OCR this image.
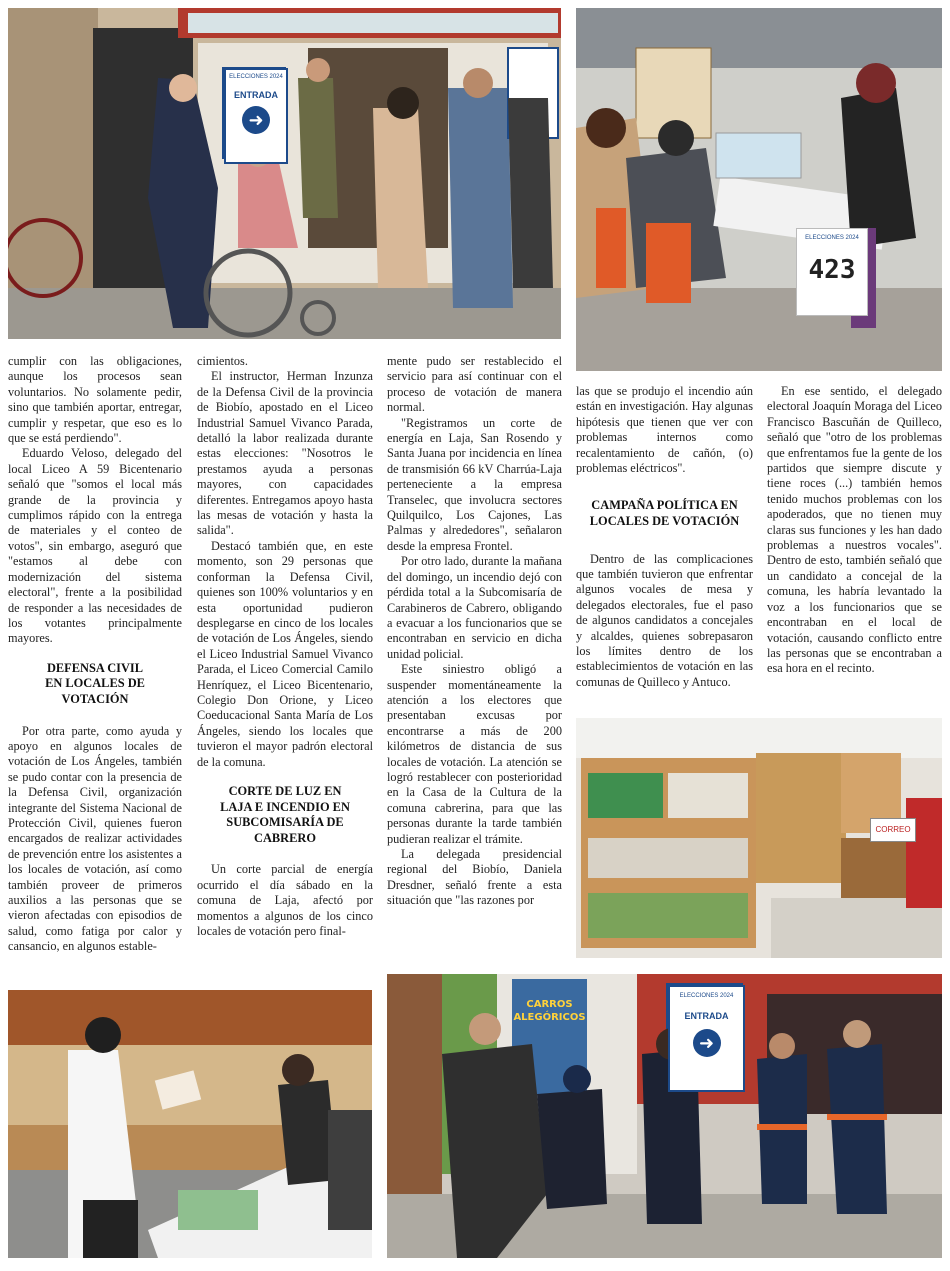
ELECCIONES 2024
ENTRADA
➜
ELECCIONES 2024
423
CORREO
CARROS ALEGÓRICOS
ELECCIONES 2024
ENTRADA
➜

cumplir con las obligaciones, aunque los procesos sean voluntarios. No solamente pedir, sino que también aportar, entregar, cumplir y respetar, que eso es lo que se está perdiendo".

Eduardo Veloso, delegado del local Liceo A 59 Bicentenario señaló que "somos el local más grande de la provincia y cumplimos rápido con la entrega de materiales y el conteo de votos", sin embargo, aseguró que "estamos al debe con modernización del sistema electoral", frente a la posibilidad de responder a las necesidades de los votantes principalmente mayores.

DEFENSA CIVIL EN LOCALES DE VOTACIÓN

Por otra parte, como ayuda y apoyo en algunos locales de votación de Los Ángeles, también se pudo contar con la presencia de la Defensa Civil, organización integrante del Sistema Nacional de Protección Civil, quienes fueron encargados de realizar actividades de prevención entre los asistentes a los locales de votación, así como también proveer de primeros auxilios a las personas que se vieron afectadas con episodios de salud, como fatiga por calor y cansancio, en algunos estable-

cimientos.

El instructor, Herman Inzunza de la Defensa Civil de la provincia de Biobío, apostado en el Liceo Industrial Samuel Vivanco Parada, detalló la labor realizada durante estas elecciones: "Nosotros le prestamos ayuda a personas mayores, con capacidades diferentes. Entregamos apoyo hasta las mesas de votación y hasta la salida".

Destacó también que, en este momento, son 29 personas que conforman la Defensa Civil, quienes son 100% voluntarios y en esta oportunidad pudieron desplegarse en cinco de los locales de votación de Los Ángeles, siendo el Liceo Industrial Samuel Vivanco Parada, el Liceo Comercial Camilo Henríquez, el Liceo Bicentenario, Colegio Don Orione, y Liceo Coeducacional Santa María de Los Ángeles, siendo los locales que tuvieron el mayor padrón electoral de la comuna.

CORTE DE LUZ EN LAJA E INCENDIO EN SUBCOMISARÍA DE CABRERO

Un corte parcial de energía ocurrido el día sábado en la comuna de Laja, afectó por momentos a algunos de los cinco locales de votación pero final-

mente pudo ser restablecido el servicio para así continuar con el proceso de votación de manera normal.

"Registramos un corte de energía en Laja, San Rosendo y Santa Juana por incidencia en línea de transmisión 66 kV Charrúa-Laja perteneciente a la empresa Transelec, que involucra sectores Quilquilco, Los Cajones, Las Palmas y alrededores", señalaron desde la empresa Frontel.

Por otro lado, durante la mañana del domingo, un incendio dejó con pérdida total a la Subcomisaría de Carabineros de Cabrero, obligando a evacuar a los funcionarios que se encontraban en servicio en dicha unidad policial.

Este siniestro obligó a suspender momentáneamente la atención a los electores que presentaban excusas por encontrarse a más de 200 kilómetros de distancia de sus locales de votación. La atención se logró restablecer con posterioridad en la Casa de la Cultura de la comuna cabrerina, para que las personas durante la tarde también pudieran realizar el trámite.

La delegada presidencial regional del Biobío, Daniela Dresdner, señaló frente a esta situación que "las razones por

las que se produjo el incendio aún están en investigación. Hay algunas hipótesis que tienen que ver con problemas internos como recalentamiento de cañón, (o) problemas eléctricos".

CAMPAÑA POLÍTICA EN LOCALES DE VOTACIÓN

Dentro de las complicaciones que también tuvieron que enfrentar algunos vocales de mesa y delegados electorales, fue el paso de algunos candidatos a concejales y alcaldes, quienes sobrepasaron los límites dentro de los establecimientos de votación en las comunas de Quilleco y Antuco.

En ese sentido, el delegado electoral Joaquín Moraga del Liceo Francisco Bascuñán de Quilleco, señaló que "otro de los problemas que enfrentamos fue la gente de los partidos que siempre discute y tiene roces (...) también hemos tenido muchos problemas con los apoderados, que no tienen muy claras sus funciones y les han dado problemas a nuestros vocales". Dentro de esto, también señaló que un candidato a concejal de la comuna, les habría levantado la voz a los funcionarios que se encontraban en el local de votación, causando conflicto entre las personas que se encontraban a esa hora en el recinto.
